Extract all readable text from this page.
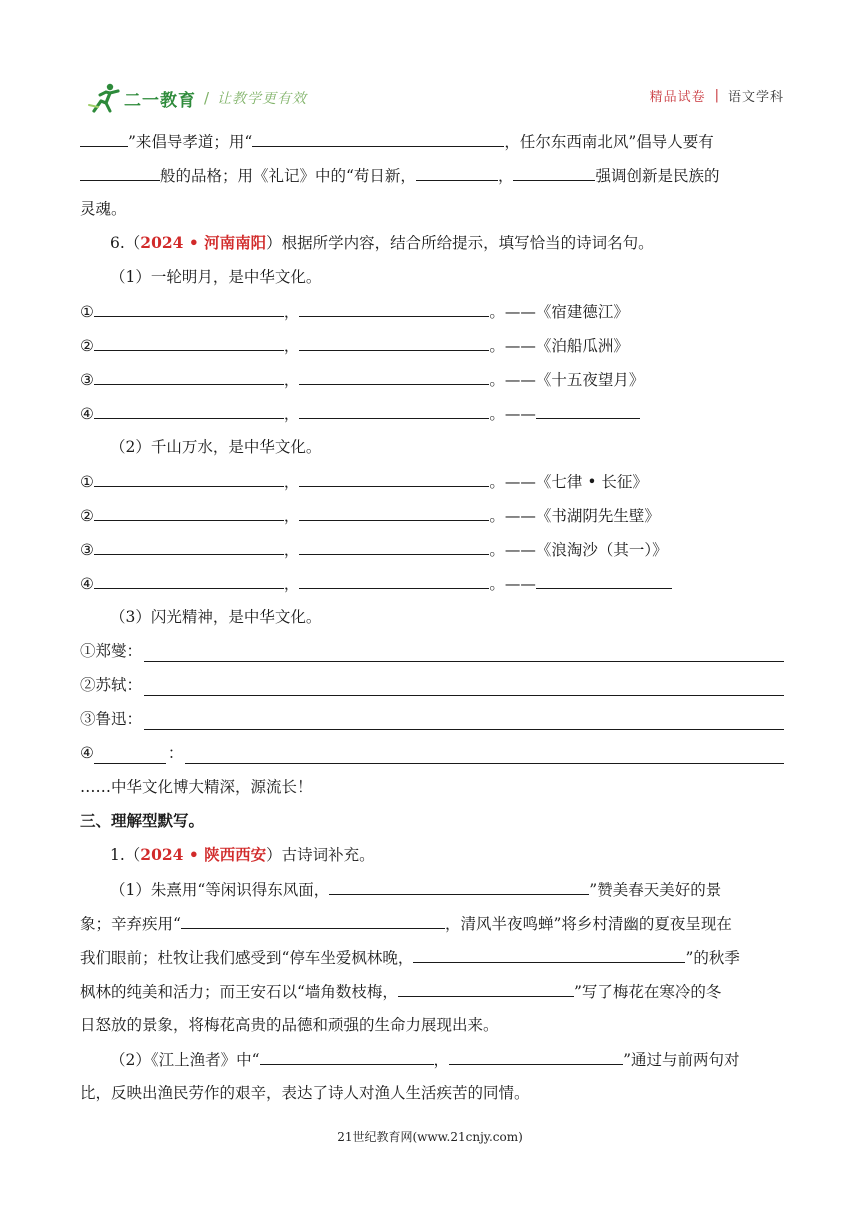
二一教育 / 让教学更有效	精品试卷 | 语文学科
”来倡导孝道；用“	，任尔东西南北风”倡导人要有
般的品格；用《礼记》中的“苟日新，	，	强调创新是民族的
灵魂。
6.（2024 • 河南南阳）根据所学内容，结合所给提示，填写恰当的诗词名句。
（1）一轮明月，是中华文化。
①	，	。——《宿建德江》
②	，	。——《泊船瓜洲》
③	，	。——《十五夜望月》
④	，	。——
（2）千山万水，是中华文化。
①	，	。——《七律 • 长征》
②	，	。——《书湖阴先生壁》
③	，	。——《浪淘沙（其一）》
④	，	。——
（3）闪光精神，是中华文化。
①郑燮：
②苏轼：
③鲁迅：
④	：
……中华文化博大精深，源流长！
三、理解型默写。
1.（2024 • 陕西西安）古诗词补充。
（1）朱熹用“等闲识得东风面，	”赞美春天美好的景
象；辛弃疾用“	，清风半夜鸣蝉”将乡村清幽的夏夜呈现在
我们眼前；杜牧让我们感受到“停车坐爱枫林晚，	”的秋季
枫林的纯美和活力；而王安石以“墙角数枝梅，	”写了梅花在寒冷的冬
日怒放的景象，将梅花高贵的品德和顽强的生命力展现出来。
（2）《江上渔者》中“	，	”通过与前两句对
比，反映出渔民劳作的艰辛，表达了诗人对渔人生活疾苦的同情。
21世纪教育网(www.21cnjy.com)
